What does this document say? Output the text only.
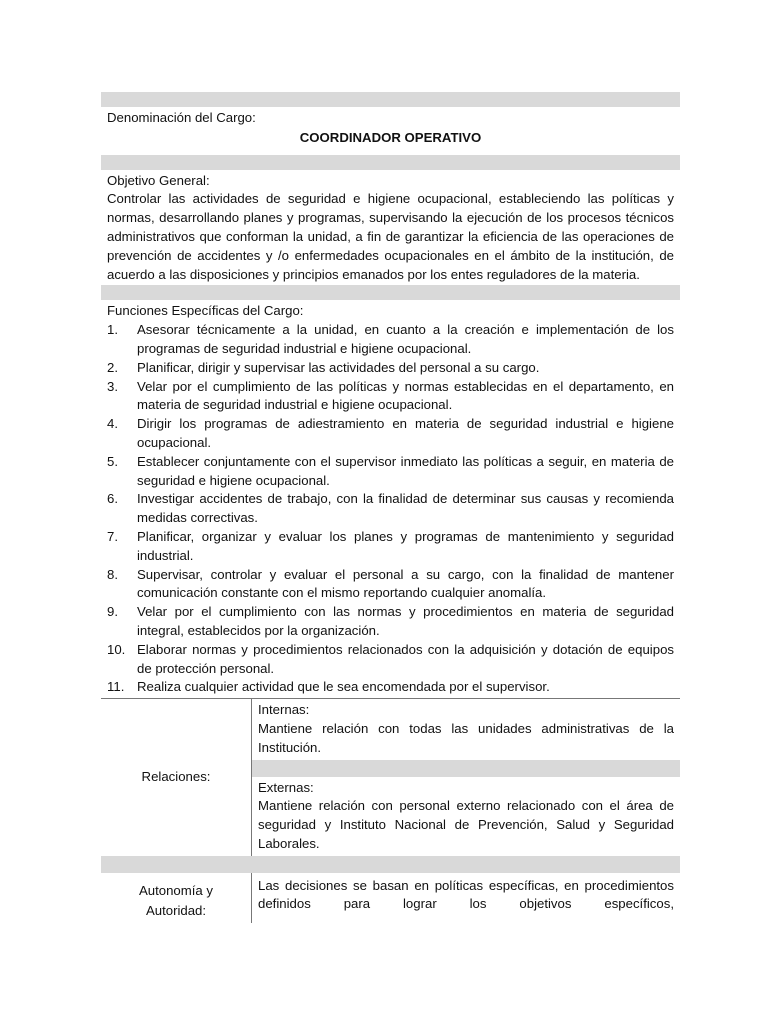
Denominación del Cargo:
COORDINADOR OPERATIVO
Objetivo General:
Controlar las actividades de seguridad e higiene ocupacional, estableciendo las políticas y normas, desarrollando planes y programas, supervisando la ejecución de los procesos técnicos administrativos que conforman la unidad, a fin de garantizar la eficiencia de las operaciones de prevención de accidentes y /o enfermedades ocupacionales en el ámbito de la institución, de acuerdo a las disposiciones y principios emanados por los entes reguladores de la materia.
Funciones Específicas del Cargo:
1.	Asesorar técnicamente a la unidad, en cuanto a la creación e implementación de los programas de seguridad industrial e higiene ocupacional.
2.	Planificar, dirigir y supervisar las actividades del personal a su cargo.
3.	Velar por el cumplimiento de las políticas y normas establecidas en el departamento, en materia de seguridad industrial e higiene ocupacional.
4.	Dirigir los programas de adiestramiento en materia de seguridad industrial e higiene ocupacional.
5.	Establecer conjuntamente con el supervisor inmediato las políticas a seguir, en materia de seguridad e higiene ocupacional.
6.	Investigar accidentes de trabajo, con la finalidad de determinar sus causas y recomienda medidas correctivas.
7.	Planificar, organizar y evaluar los planes y programas de mantenimiento y seguridad industrial.
8.	Supervisar, controlar y evaluar el personal a su cargo, con la finalidad de mantener comunicación constante con el mismo reportando cualquier anomalía.
9.	Velar por el cumplimiento con las normas y procedimientos en materia de seguridad integral, establecidos por la organización.
10. Elaborar normas y procedimientos relacionados con la adquisición y dotación de equipos de protección personal.
11. Realiza cualquier actividad que le sea encomendada por el supervisor.
Relaciones:
Internas:
Mantiene relación con todas las unidades administrativas de la Institución.
Externas:
Mantiene relación con personal externo relacionado con el área de seguridad y Instituto Nacional de Prevención, Salud y Seguridad Laborales.
Autonomía y
Autoridad:
Las decisiones se basan en políticas específicas, en procedimientos definidos para lograr los objetivos específicos,
